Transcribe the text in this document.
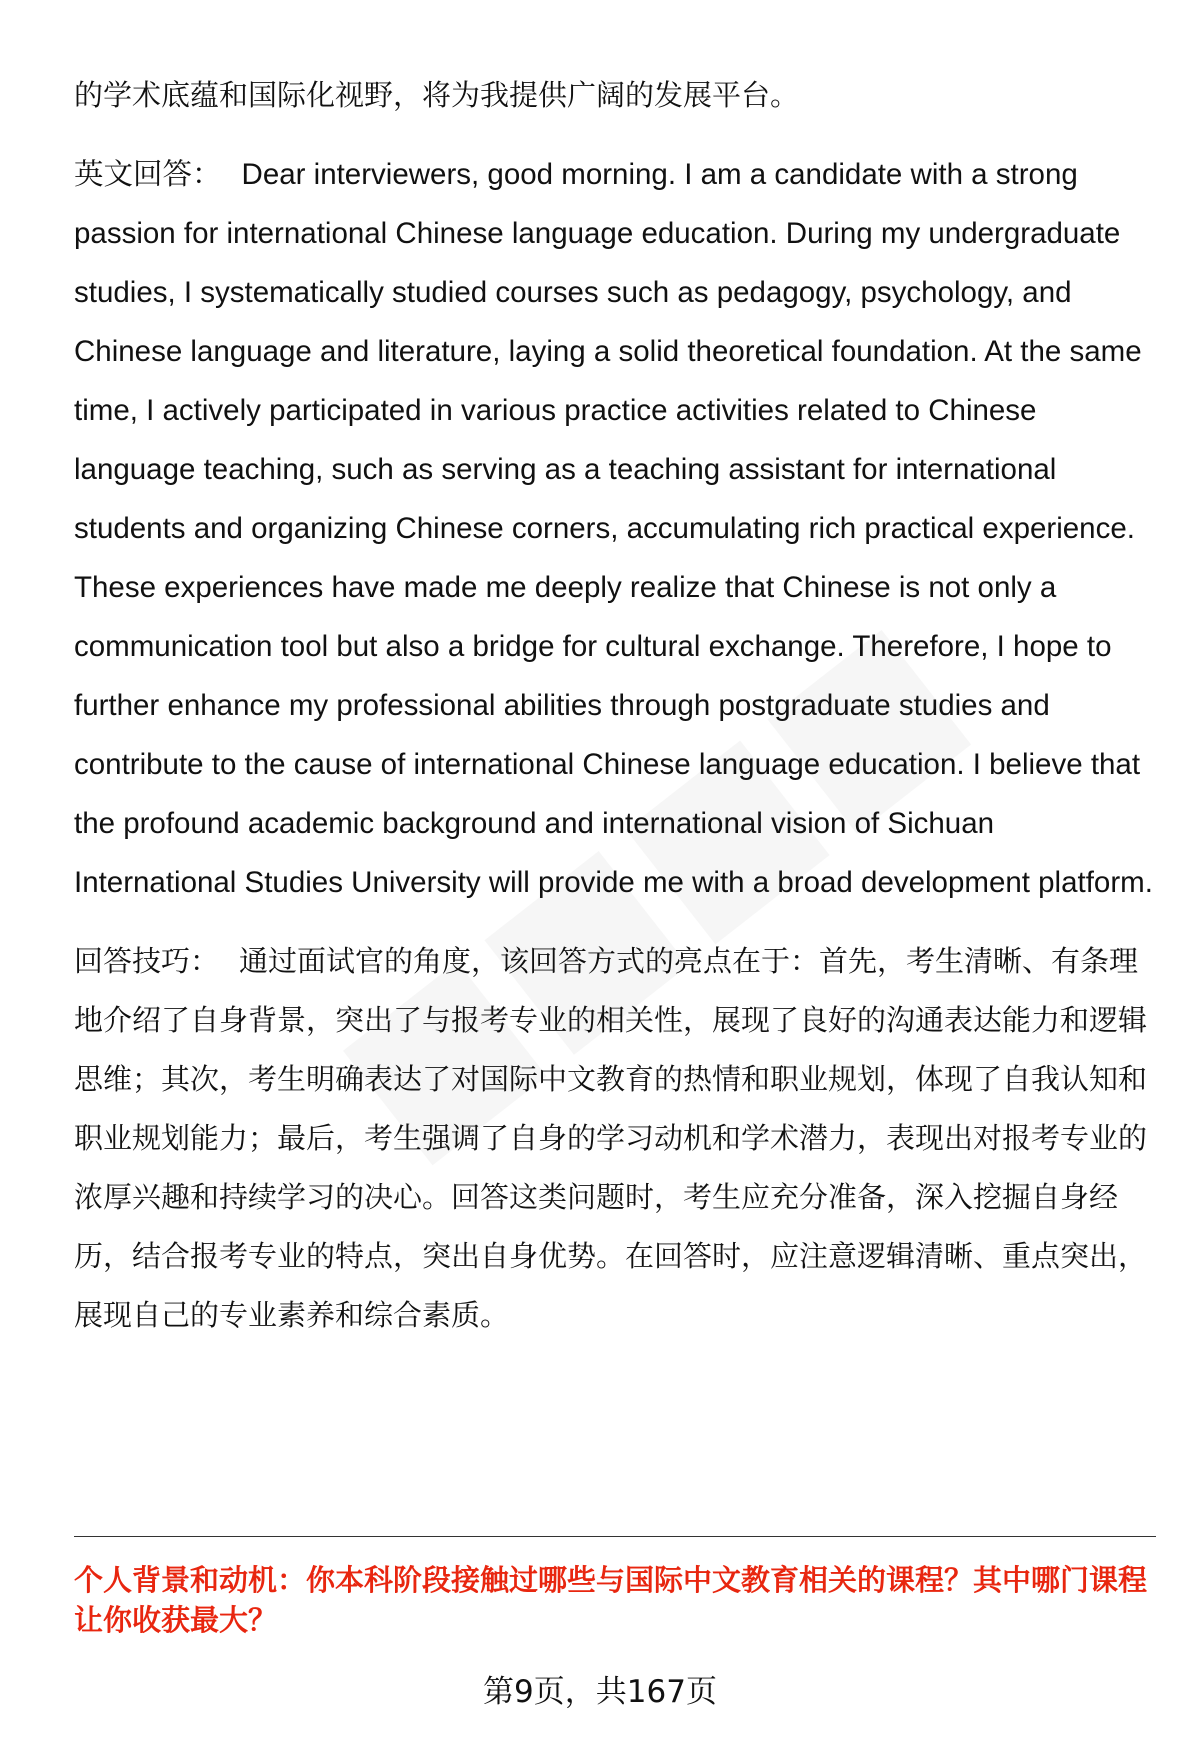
的学术底蕴和国际化视野，将为我提供广阔的发展平台。

英文回答： Dear interviewers, good morning. I am a candidate with a strong passion for international Chinese language education. During my undergraduate studies, I systematically studied courses such as pedagogy, psychology, and Chinese language and literature, laying a solid theoretical foundation. At the same time, I actively participated in various practice activities related to Chinese language teaching, such as serving as a teaching assistant for international students and organizing Chinese corners, accumulating rich practical experience. These experiences have made me deeply realize that Chinese is not only a communication tool but also a bridge for cultural exchange. Therefore, I hope to further enhance my professional abilities through postgraduate studies and contribute to the cause of international Chinese language education. I believe that the profound academic background and international vision of Sichuan International Studies University will provide me with a broad development platform.

回答技巧： 通过面试官的角度，该回答方式的亮点在于：首先，考生清晰、有条理地介绍了自身背景，突出了与报考专业的相关性，展现了良好的沟通表达能力和逻辑思维；其次，考生明确表达了对国际中文教育的热情和职业规划，体现了自我认知和职业规划能力；最后，考生强调了自身的学习动机和学术潜力，表现出对报考专业的浓厚兴趣和持续学习的决心。回答这类问题时，考生应充分准备，深入挖掘自身经历，结合报考专业的特点，突出自身优势。在回答时，应注意逻辑清晰、重点突出，展现自己的专业素养和综合素质。

个人背景和动机：你本科阶段接触过哪些与国际中文教育相关的课程？其中哪门课程让你收获最大？

第9页，共167页
